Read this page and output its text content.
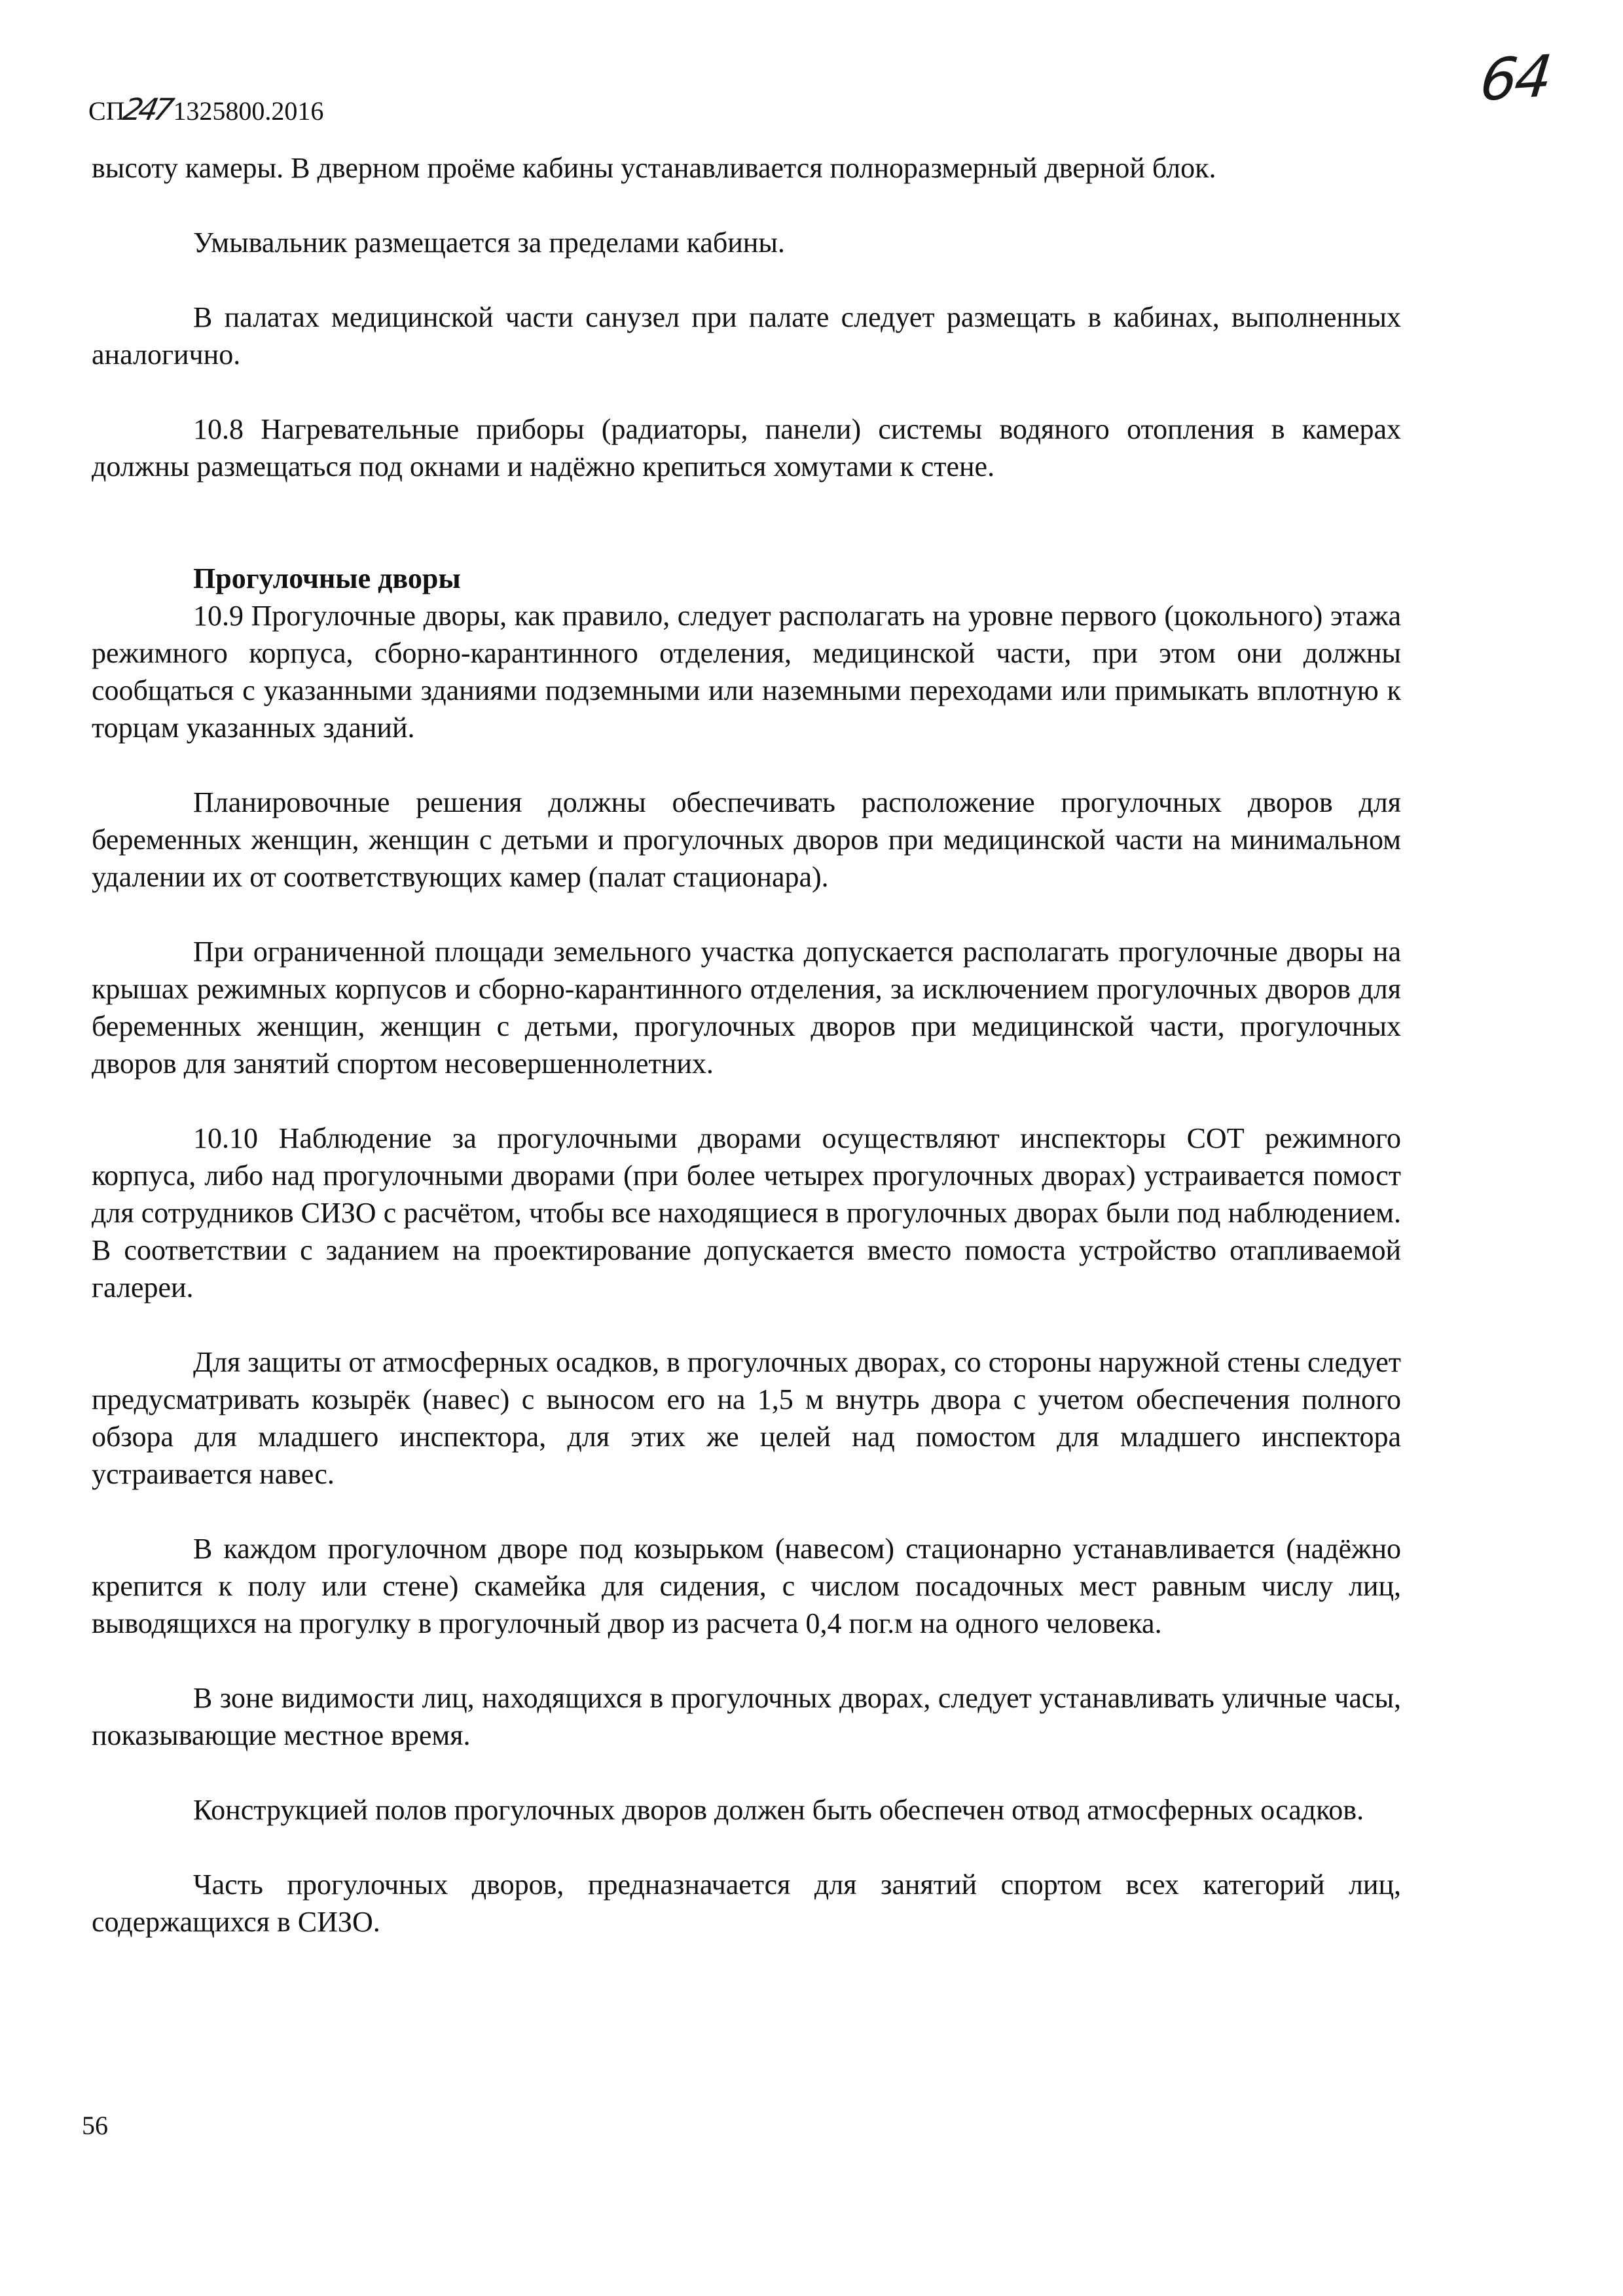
СП2471325800.2016	64

высоту камеры. В дверном проёме кабины устанавливается полноразмерный дверной блок.

Умывальник размещается за пределами кабины.

В палатах медицинской части санузел при палате следует размещать в кабинах, выполненных аналогично.

10.8 Нагревательные приборы (радиаторы, панели) системы водяного отопления в камерах должны размещаться под окнами и надёжно крепиться хомутами к стене.

Прогулочные дворы

10.9 Прогулочные дворы, как правило, следует располагать на уровне первого (цокольного) этажа режимного корпуса, сборно-карантинного отделения, медицинской части, при этом они должны сообщаться с указанными зданиями подземными или наземными переходами или примыкать вплотную к торцам указанных зданий.

Планировочные решения должны обеспечивать расположение прогулочных дворов для беременных женщин, женщин с детьми и прогулочных дворов при медицинской части на минимальном удалении их от соответствующих камер (палат стационара).

При ограниченной площади земельного участка допускается располагать прогулочные дворы на крышах режимных корпусов и сборно-карантинного отделения, за исключением прогулочных дворов для беременных женщин, женщин с детьми, прогулочных дворов при медицинской части, прогулочных дворов для занятий спортом несовершеннолетних.

10.10 Наблюдение за прогулочными дворами осуществляют инспекторы СОТ режимного корпуса, либо над прогулочными дворами (при более четырех прогулочных дворах) устраивается помост для сотрудников СИЗО с расчётом, чтобы все находящиеся в прогулочных дворах были под наблюдением. В соответствии с заданием на проектирование допускается вместо помоста устройство отапливаемой галереи.

Для защиты от атмосферных осадков, в прогулочных дворах, со стороны наружной стены следует предусматривать козырёк (навес) с выносом его на 1,5 м внутрь двора с учетом обеспечения полного обзора для младшего инспектора, для этих же целей над помостом для младшего инспектора устраивается навес.

В каждом прогулочном дворе под козырьком (навесом) стационарно устанавливается (надёжно крепится к полу или стене) скамейка для сидения, с числом посадочных мест равным числу лиц, выводящихся на прогулку в прогулочный двор из расчета 0,4 пог.м на одного человека.

В зоне видимости лиц, находящихся в прогулочных дворах, следует устанавливать уличные часы, показывающие местное время.

Конструкцией полов прогулочных дворов должен быть обеспечен отвод атмосферных осадков.

Часть прогулочных дворов, предназначается для занятий спортом всех категорий лиц, содержащихся в СИЗО.

56
